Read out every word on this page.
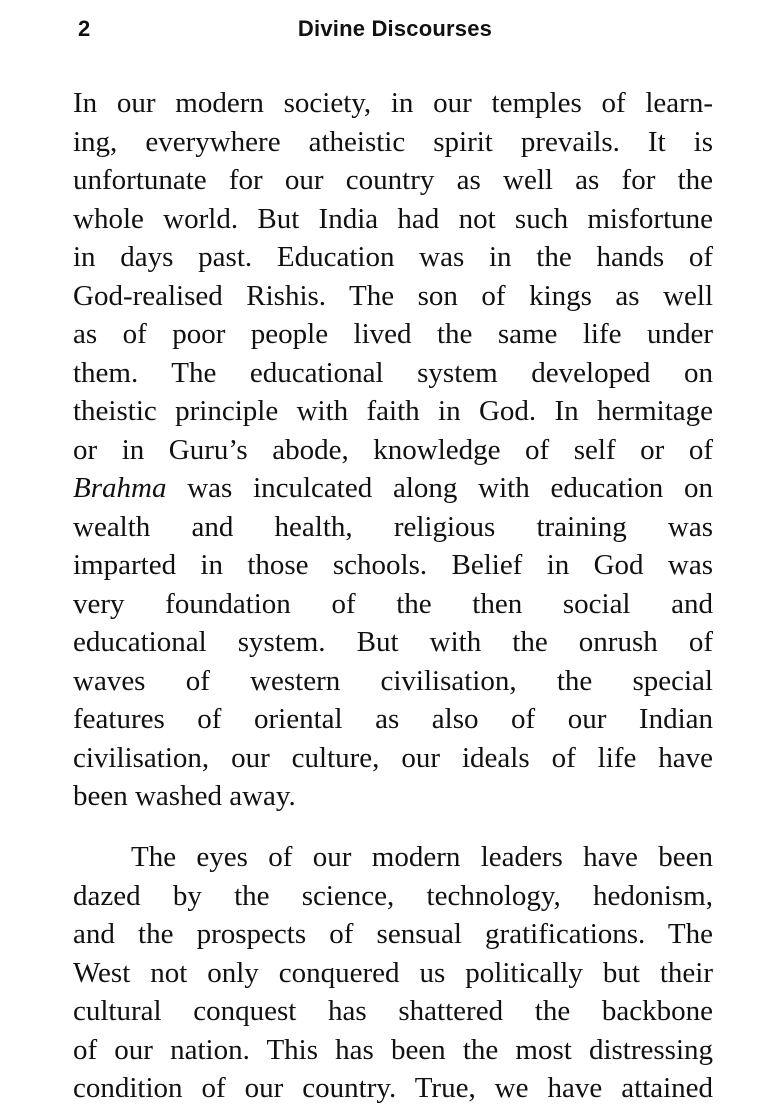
2	Divine Discourses
In our modern society, in our temples of learn-
ing, everywhere atheistic spirit prevails. It is
unfortunate for our country as well as for the
whole world. But India had not such misfortune
in days past. Education was in the hands of
God-realised Rishis. The son of kings as well
as of poor people lived the same life under
them. The educational system developed on
theistic principle with faith in God. In hermitage
or in Guru’s abode, knowledge of self or of
Brahma was inculcated along with education on
wealth and health, religious training was
imparted in those schools. Belief in God was
very foundation of the then social and
educational system. But with the onrush of
waves of western civilisation, the special
features of oriental as also of our Indian
civilisation, our culture, our ideals of life have
been washed away.
The eyes of our modern leaders have been
dazed by the science, technology, hedonism,
and the prospects of sensual gratifications. The
West not only conquered us politically but their
cultural conquest has shattered the backbone
of our nation. This has been the most distressing
condition of our country. True, we have attained
